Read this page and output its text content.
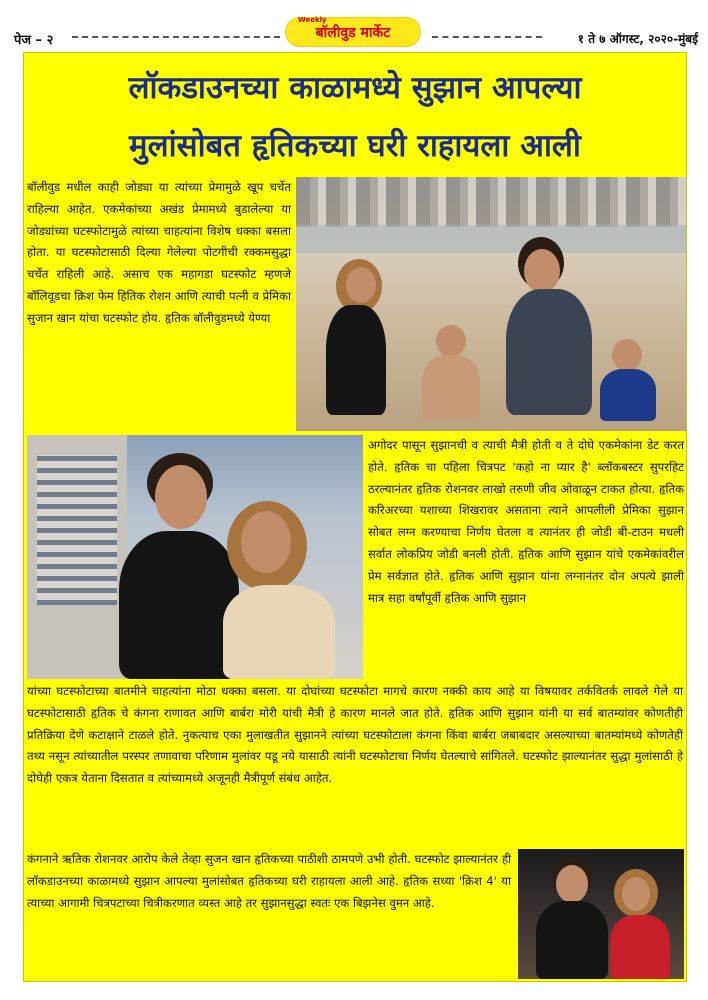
पेज – २
Weekly
बॉलीवुड मार्केट	१ ते ७ ऑगस्ट, २०२०-मुंबई
लॉकडाउनच्या काळामध्ये सुझान आपल्या
मुलांसोबत हृतिकच्या घरी राहायला आली
बॉलीवुड मधील काही जोड्या या त्यांच्या प्रेमामुळे खूप चर्चेत राहिल्या आहेत. एकमेकांच्या अखंड प्रेमामध्ये बुडालेल्या या जोड्यांच्या घटस्फोटामुळे त्यांच्या चाहत्यांना विशेष धक्का बसला होता. या घटस्फोटासाठी दिल्या गेलेल्या पोटगीची रक्कमसुद्धा चर्चेत राहिली आहे. असाच एक महागडा घटस्फोट म्हणजे बॉलिवूडचा क्रिश फेम हितिक रोशन आणि त्याची पत्नी व प्रेमिका सुजान खान यांचा घटस्फोट होय. हृतिक बॉलीवुडमध्ये येण्या
अगोदर पासून सुझानची व त्याची मैत्री होती व ते दोघे एकमेकांना डेट करत होते. हृतिक चा पहिला चित्रपट 'कहो ना प्यार है' ब्लॉकबस्टर सुपरहिट ठरल्यानंतर हृतिक रोशनवर लाखो तरुणी जीव ओवाळून टाकत होत्या. हृतिक करिअरच्या यशाच्या शिखरावर असताना त्याने आपलीली प्रेमिका सुझान सोबत लग्न करण्याचा निर्णय घेतला व त्यानंतर ही जोडी बी-टाउन मधली सर्वात लोकप्रिय जोडी बनली होती. हृतिक आणि सुझान यांचे एकमेकांवरील प्रेम सर्वज्ञात होते. हृतिक आणि सुझान यांना लग्नानंतर दोन अपत्ये झाली मात्र सहा वर्षांपूर्वी हृतिक आणि सुझान
यांच्या घटस्फोटाच्या बातमीने चाहत्यांना मोठा धक्का बसला. या दोघांच्या घटस्फोटा मागचे कारण नक्की काय आहे या विषयावर तर्कवितर्क लावले गेले या घटस्फोटासाठी हृतिक चे कंगना राणावत आणि बार्बरा मोरी यांची मैत्री हे कारण मानले जात होते. हृतिक आणि सुझान यांनी या सर्व बातम्यांवर कोणतीही प्रतिक्रिया देणे कटाक्षाने टाळले होते. नुकत्याच एका मुलाखतीत सुझानने त्यांच्या घटस्फोटाला कंगना किंवा बार्बरा जबाबदार असल्याच्या बातम्यांमध्ये कोणतेही तथ्य नसून त्यांच्यातील परस्पर तणावाचा परिणाम मुलांवर पडू नये यासाठी त्यांनी घटस्फोटाचा निर्णय घेतल्याचे सांगितले. घटस्फोट झाल्यानंतर सुद्धा मुलांसाठी हे दोघेही एकत्र येताना दिसतात व त्यांच्यामध्ये अजूनही मैत्रीपूर्ण संबंध आहेत.
कंगनाने ऋतिक रोशनवर आरोप केले तेव्हा सुजन खान हृतिकच्या पाठीशी ठामपणे उभी होती. घटस्फोट झाल्यानंतर ही लॉकडाउनच्या काळामध्ये सुझान आपल्या मुलांसोबत हृतिकच्या घरी राहायला आली आहे. हृतिक सध्या 'क्रिश 4' या त्याच्या आगामी चित्रपटाच्या चित्रीकरणात व्यस्त आहे तर सुझानसुद्धा स्वतः एक बिझनेस वुमन आहे.
